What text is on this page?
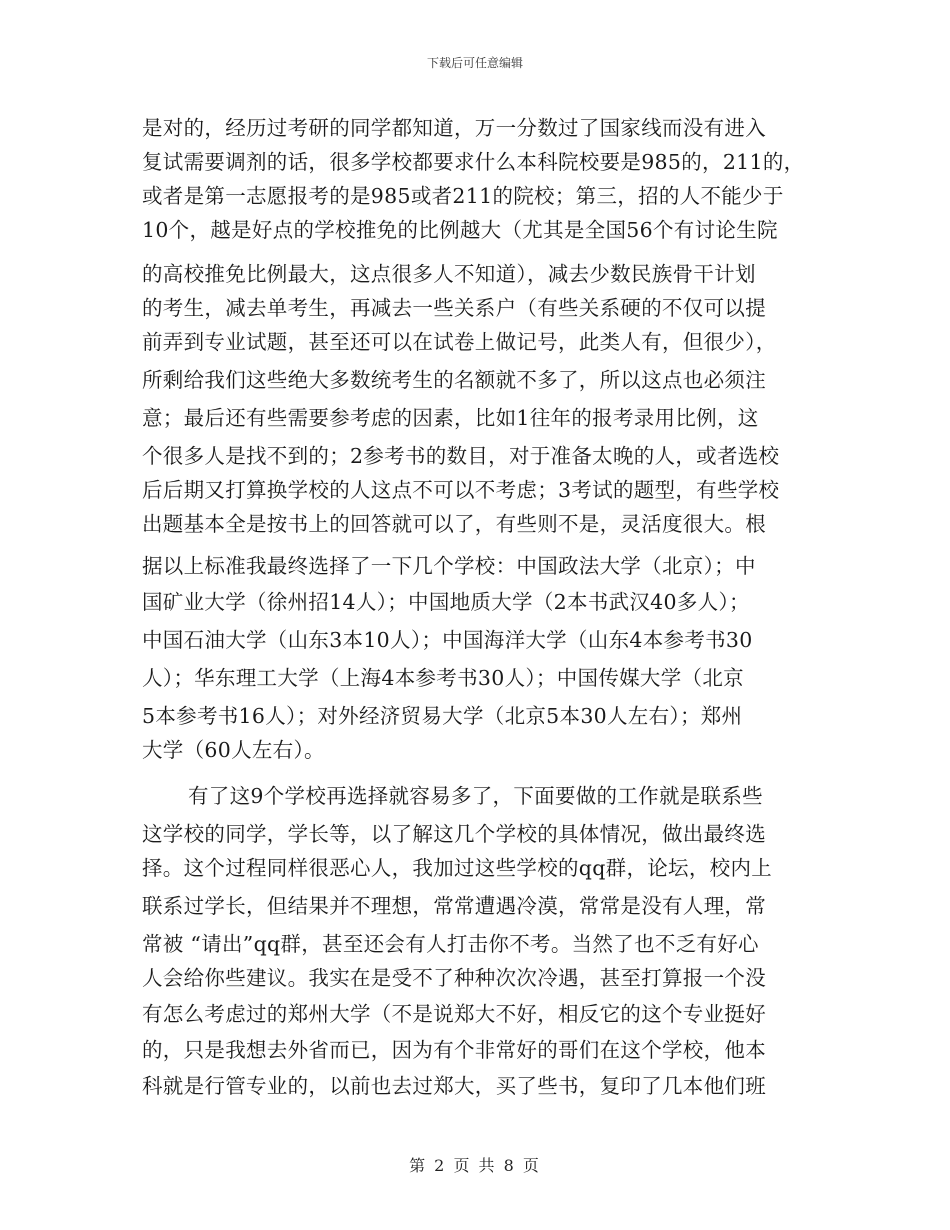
下载后可任意编辑
是对的，经历过考研的同学都知道，万一分数过了国家线而没有进入
复试需要调剂的话，很多学校都要求什么本科院校要是985的，211的，
或者是第一志愿报考的是985或者211的院校；第三，招的人不能少于
10个，越是好点的学校推免的比例越大（尤其是全国56个有讨论生院
的高校推免比例最大，这点很多人不知道），减去少数民族骨干计划
的考生，减去单考生，再减去一些关系户（有些关系硬的不仅可以提
前弄到专业试题，甚至还可以在试卷上做记号，此类人有，但很少），
所剩给我们这些绝大多数统考生的名额就不多了，所以这点也必须注
意；最后还有些需要参考虑的因素，比如1往年的报考录用比例，这
个很多人是找不到的；2参考书的数目，对于准备太晚的人，或者选校
后后期又打算换学校的人这点不可以不考虑；3考试的题型，有些学校
出题基本全是按书上的回答就可以了，有些则不是，灵活度很大。根
据以上标准我最终选择了一下几个学校：中国政法大学（北京）；中
国矿业大学（徐州招14人）；中国地质大学（2本书武汉40多人）；
中国石油大学（山东3本10人）；中国海洋大学（山东4本参考书30
人）；华东理工大学（上海4本参考书30人）；中国传媒大学（北京
5本参考书16人）；对外经济贸易大学（北京5本30人左右）；郑州
大学（60人左右）。
有了这9个学校再选择就容易多了，下面要做的工作就是联系些
这学校的同学，学长等，以了解这几个学校的具体情况，做出最终选
择。这个过程同样很恶心人，我加过这些学校的qq群，论坛，校内上
联系过学长，但结果并不理想，常常遭遇冷漠，常常是没有人理，常
常被 “请出”qq群，甚至还会有人打击你不考。当然了也不乏有好心
人会给你些建议。我实在是受不了种种次次冷遇，甚至打算报一个没
有怎么考虑过的郑州大学（不是说郑大不好，相反它的这个专业挺好
的，只是我想去外省而已，因为有个非常好的哥们在这个学校，他本
科就是行管专业的，以前也去过郑大，买了些书，复印了几本他们班
第 2 页 共 8 页
